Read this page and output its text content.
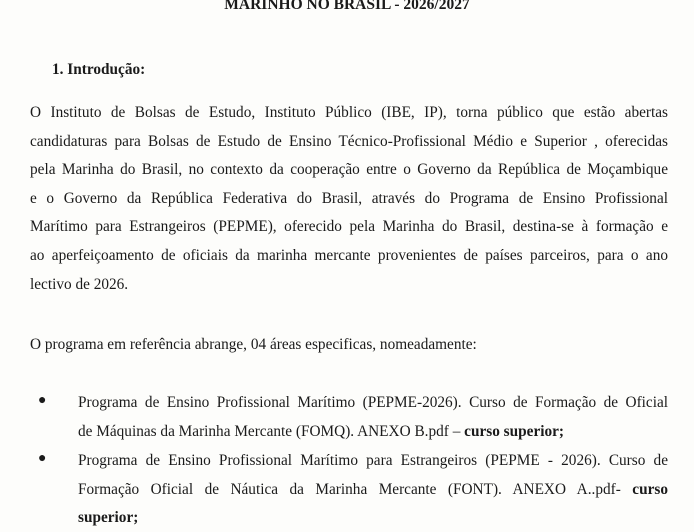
MARINHO NO BRASIL - 2026/2027
1. Introdução:
O Instituto de Bolsas de Estudo, Instituto Público (IBE, IP), torna público que estão abertas
candidaturas para Bolsas de Estudo de Ensino Técnico-Profissional Médio e Superior , oferecidas
pela Marinha do Brasil, no contexto da cooperação entre o Governo da República de Moçambique
e o Governo da República Federativa do Brasil, através do Programa de Ensino Profissional
Marítimo para Estrangeiros (PEPME), oferecido pela Marinha do Brasil, destina-se à formação e
ao aperfeiçoamento de oficiais da marinha mercante provenientes de países parceiros, para o ano
lectivo de 2026.
O programa em referência abrange, 04 áreas especificas, nomeadamente:
● Programa de Ensino Profissional Marítimo (PEPME-2026). Curso de Formação de Oficial
de Máquinas da Marinha Mercante (FOMQ). ANEXO B.pdf – curso superior;
● Programa de Ensino Profissional Marítimo para Estrangeiros (PEPME - 2026). Curso de
Formação Oficial de Náutica da Marinha Mercante (FONT). ANEXO A..pdf- curso
superior;
